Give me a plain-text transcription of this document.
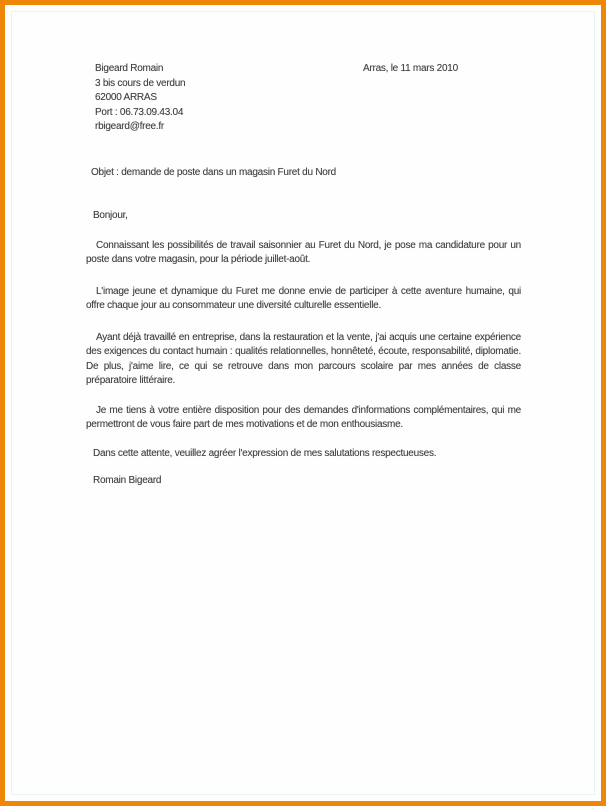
Bigeard Romain
3 bis cours de verdun
62000 ARRAS
Port : 06.73.09.43.04
rbigeard@free.fr
Arras, le 11 mars 2010
Objet : demande de poste dans un magasin Furet du Nord
Bonjour,

Connaissant les possibilités de travail saisonnier au Furet du Nord, je pose ma candidature pour un poste dans votre magasin, pour la période juillet-août.

L'image jeune et dynamique du Furet me donne envie de participer à cette aventure humaine, qui offre chaque jour au consommateur une diversité culturelle essentielle.

Ayant déjà travaillé en entreprise, dans la restauration et la vente, j'ai acquis une certaine expérience des exigences du contact humain : qualités relationnelles, honnêteté, écoute, responsabilité, diplomatie. De plus, j'aime lire, ce qui se retrouve dans mon parcours scolaire par mes années de classe préparatoire littéraire.

Je me tiens à votre entière disposition pour des demandes d'informations complémentaires, qui me permettront de vous faire part de mes motivations et de mon enthousiasme.

Dans cette attente, veuillez agréer l'expression de mes salutations respectueuses.
Romain Bigeard
